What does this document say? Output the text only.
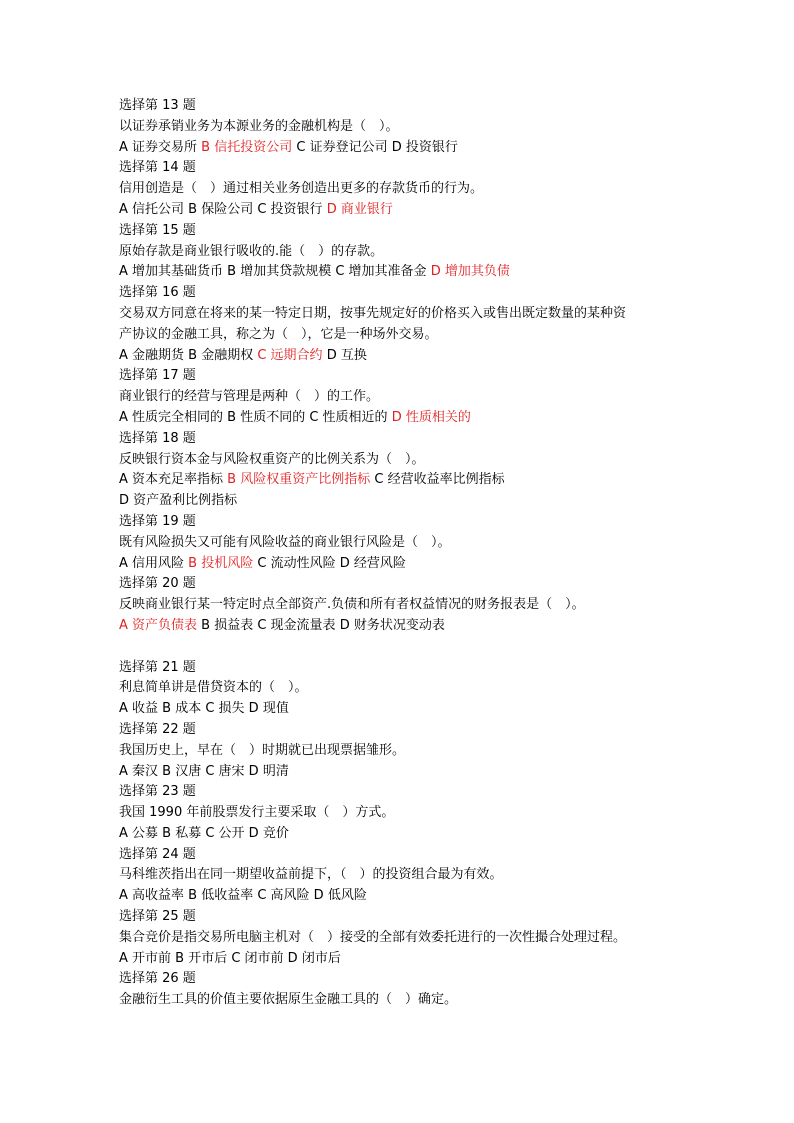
选择第 13 题
以证券承销业务为本源业务的金融机构是（　）。
A 证券交易所 B 信托投资公司 C 证券登记公司 D 投资银行
选择第 14 题
信用创造是（　）通过相关业务创造出更多的存款货币的行为。
A 信托公司 B 保险公司 C 投资银行 D 商业银行
选择第 15 题
原始存款是商业银行吸收的.能（　）的存款。
A 增加其基础货币 B 增加其贷款规模 C 增加其准备金 D 增加其负债
选择第 16 题
交易双方同意在将来的某一特定日期，按事先规定好的价格买入或售出既定数量的某种资
产协议的金融工具，称之为（　），它是一种场外交易。
A 金融期货 B 金融期权 C 远期合约 D 互换
选择第 17 题
商业银行的经营与管理是两种（　）的工作。
A 性质完全相同的 B 性质不同的 C 性质相近的 D 性质相关的
选择第 18 题
反映银行资本金与风险权重资产的比例关系为（　）。
A 资本充足率指标 B 风险权重资产比例指标 C 经营收益率比例指标
D 资产盈利比例指标
选择第 19 题
既有风险损失又可能有风险收益的商业银行风险是（　）。
A 信用风险 B 投机风险 C 流动性风险 D 经营风险
选择第 20 题
反映商业银行某一特定时点全部资产.负债和所有者权益情况的财务报表是（　）。
A 资产负债表 B 损益表 C 现金流量表 D 财务状况变动表
选择第 21 题
利息简单讲是借贷资本的（　）。
A 收益 B 成本 C 损失 D 现值
选择第 22 题
我国历史上，早在（　）时期就已出现票据雏形。
A 秦汉 B 汉唐 C 唐宋 D 明清
选择第 23 题
我国 1990 年前股票发行主要采取（　）方式。
A 公募 B 私募 C 公开 D 竞价
选择第 24 题
马科维茨指出在同一期望收益前提下，（　）的投资组合最为有效。
A 高收益率 B 低收益率 C 高风险 D 低风险
选择第 25 题
集合竞价是指交易所电脑主机对（　）接受的全部有效委托进行的一次性撮合处理过程。
A 开市前 B 开市后 C 闭市前 D 闭市后
选择第 26 题
金融衍生工具的价值主要依据原生金融工具的（　）确定。
